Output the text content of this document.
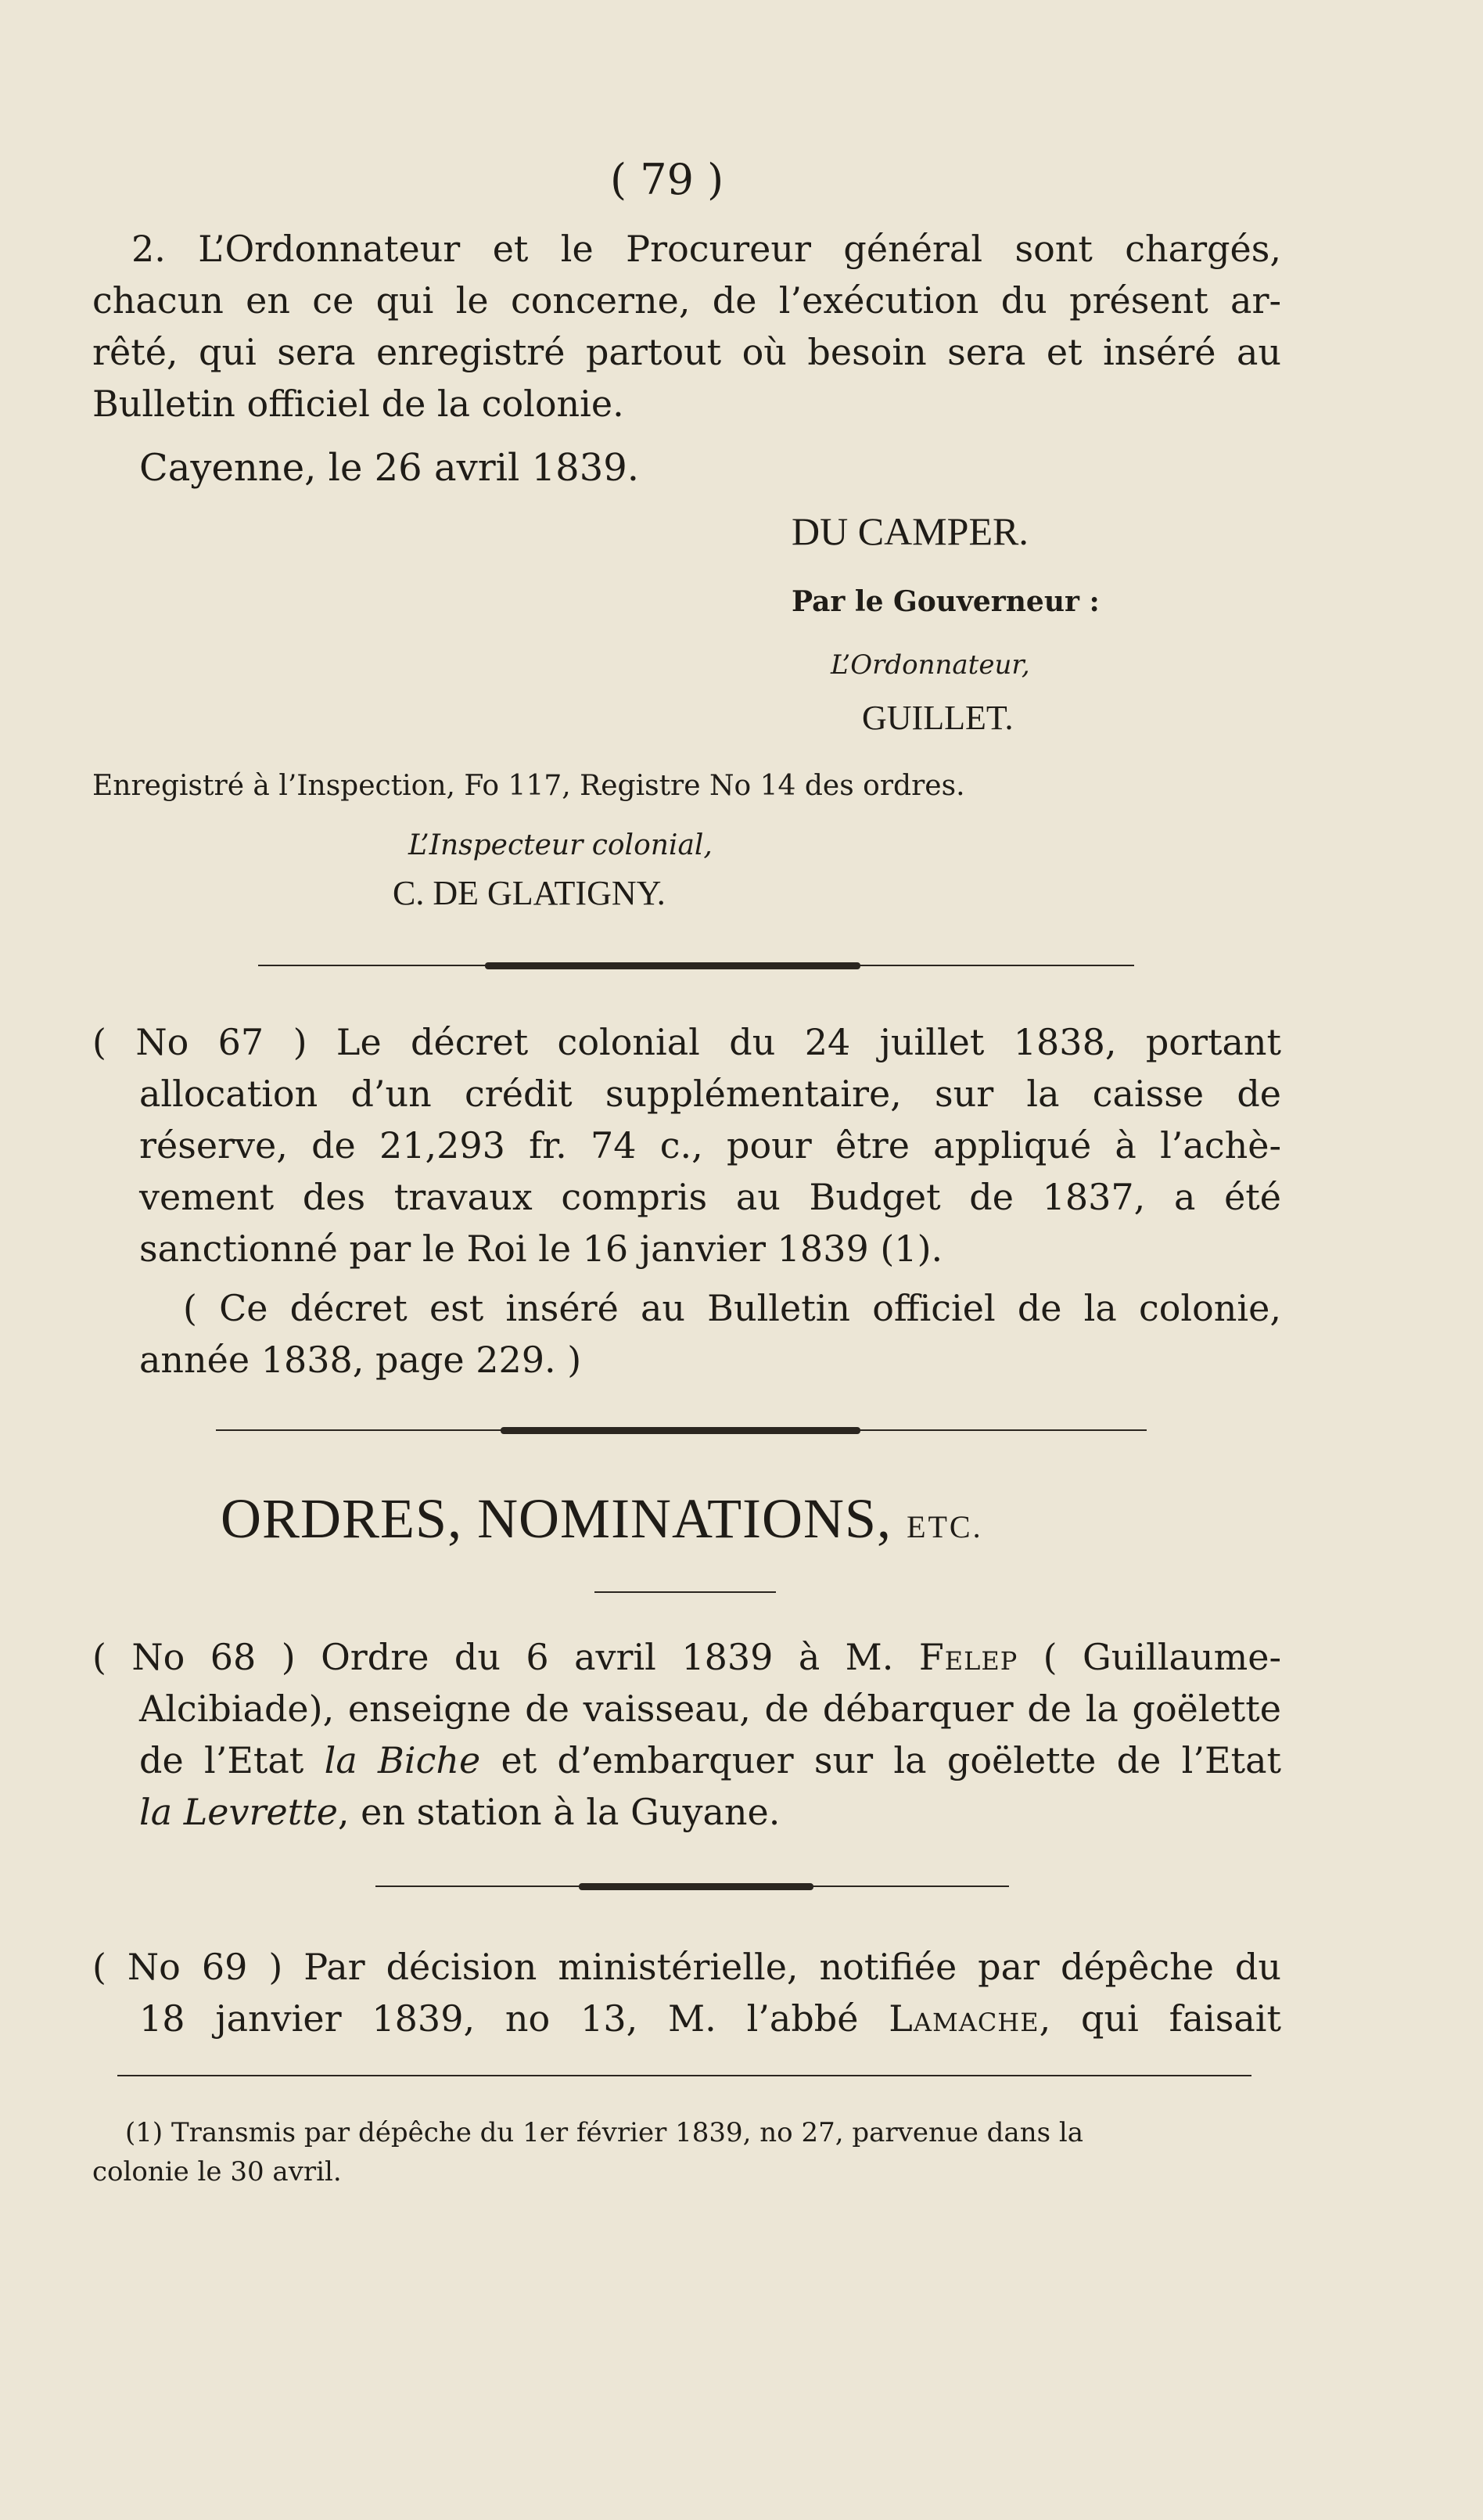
( 79 )
2. L’Ordonnateur et le Procureur général sont chargés,
chacun en ce qui le concerne, de l’exécution du présent ar-
rêté, qui sera enregistré partout où besoin sera et inséré au
Bulletin officiel de la colonie.
Cayenne, le 26 avril 1839.
DU CAMPER.
Par le Gouverneur :
L’Ordonnateur,
GUILLET.
Enregistré à l’Inspection, Fo 117, Registre No 14 des ordres.
L’Inspecteur colonial,
C. DE GLATIGNY.
( No 67 ) Le décret colonial du 24 juillet 1838, portant
allocation d’un crédit supplémentaire, sur la caisse de
réserve, de 21,293 fr. 74 c., pour être appliqué à l’achè-
vement des travaux compris au Budget de 1837, a été
sanctionné par le Roi le 16 janvier 1839 (1).
( Ce décret est inséré au Bulletin officiel de la colonie,
année 1838, page 229. )
ORDRES, NOMINATIONS, ETC.
( No 68 ) Ordre du 6 avril 1839 à M. Felep ( Guillaume-
Alcibiade), enseigne de vaisseau, de débarquer de la goëlette
de l’Etat la Biche et d’embarquer sur la goëlette de l’Etat
la Levrette, en station à la Guyane.
( No 69 ) Par décision ministérielle, notifiée par dépêche du
18 janvier 1839, no 13, M. l’abbé Lamache, qui faisait
(1) Transmis par dépêche du 1er février 1839, no 27, parvenue dans la
colonie le 30 avril.
